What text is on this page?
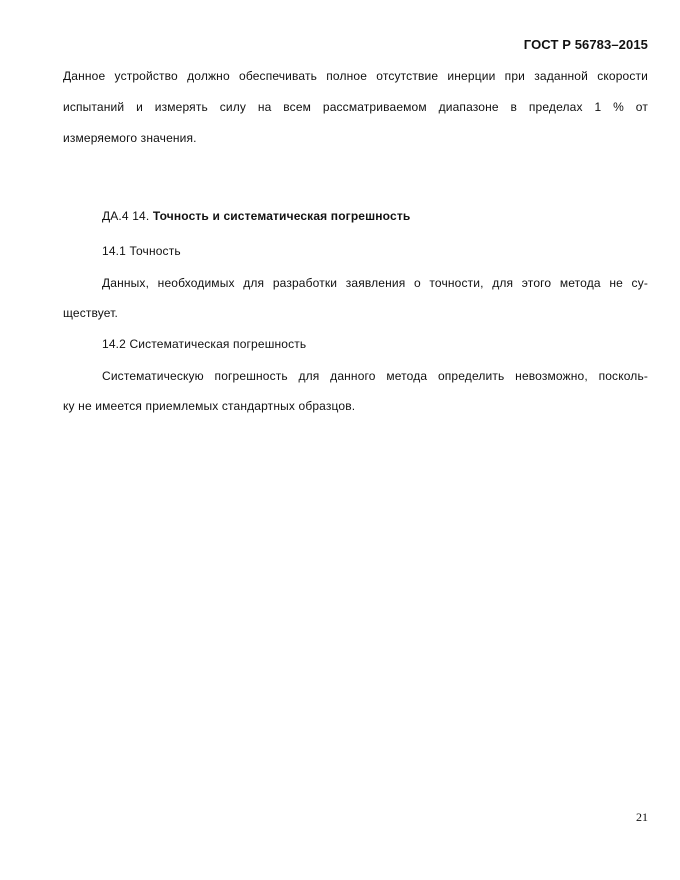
ГОСТ Р 56783–2015
Данное устройство должно обеспечивать полное отсутствие инерции при заданной скорости
испытаний и измерять силу на всем рассматриваемом диапазоне в пределах 1 % от
измеряемого значения.
ДА.4 14. Точность и систематическая погрешность
14.1 Точность
Данных, необходимых для разработки заявления о точности, для этого метода не су-
ществует.
14.2 Систематическая погрешность
Систематическую погрешность для данного метода определить невозможно, посколь-
ку не имеется приемлемых стандартных образцов.
21
